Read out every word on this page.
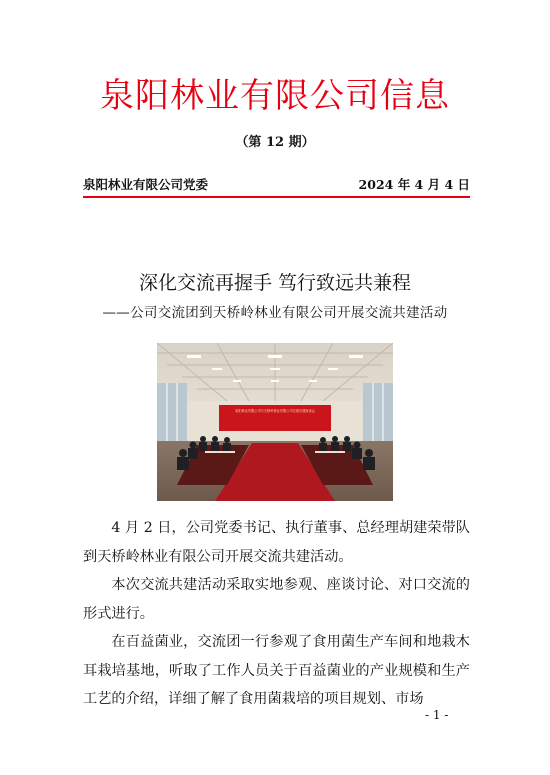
泉阳林业有限公司信息
（第 12 期）
泉阳林业有限公司党委	2024 年 4 月 4 日
深化交流再握手 笃行致远共兼程
——公司交流团到天桥岭林业有限公司开展交流共建活动
泉阳林业有限公司与天桥岭林业有限公司交流共建座谈会

4 月 2 日，公司党委书记、执行董事、总经理胡建荣带队到天桥岭林业有限公司开展交流共建活动。

本次交流共建活动采取实地参观、座谈讨论、对口交流的形式进行。

在百益菌业，交流团一行参观了食用菌生产车间和地栽木耳栽培基地，听取了工作人员关于百益菌业的产业规模和生产工艺的介绍，详细了解了食用菌栽培的项目规划、市场

- 1 -
